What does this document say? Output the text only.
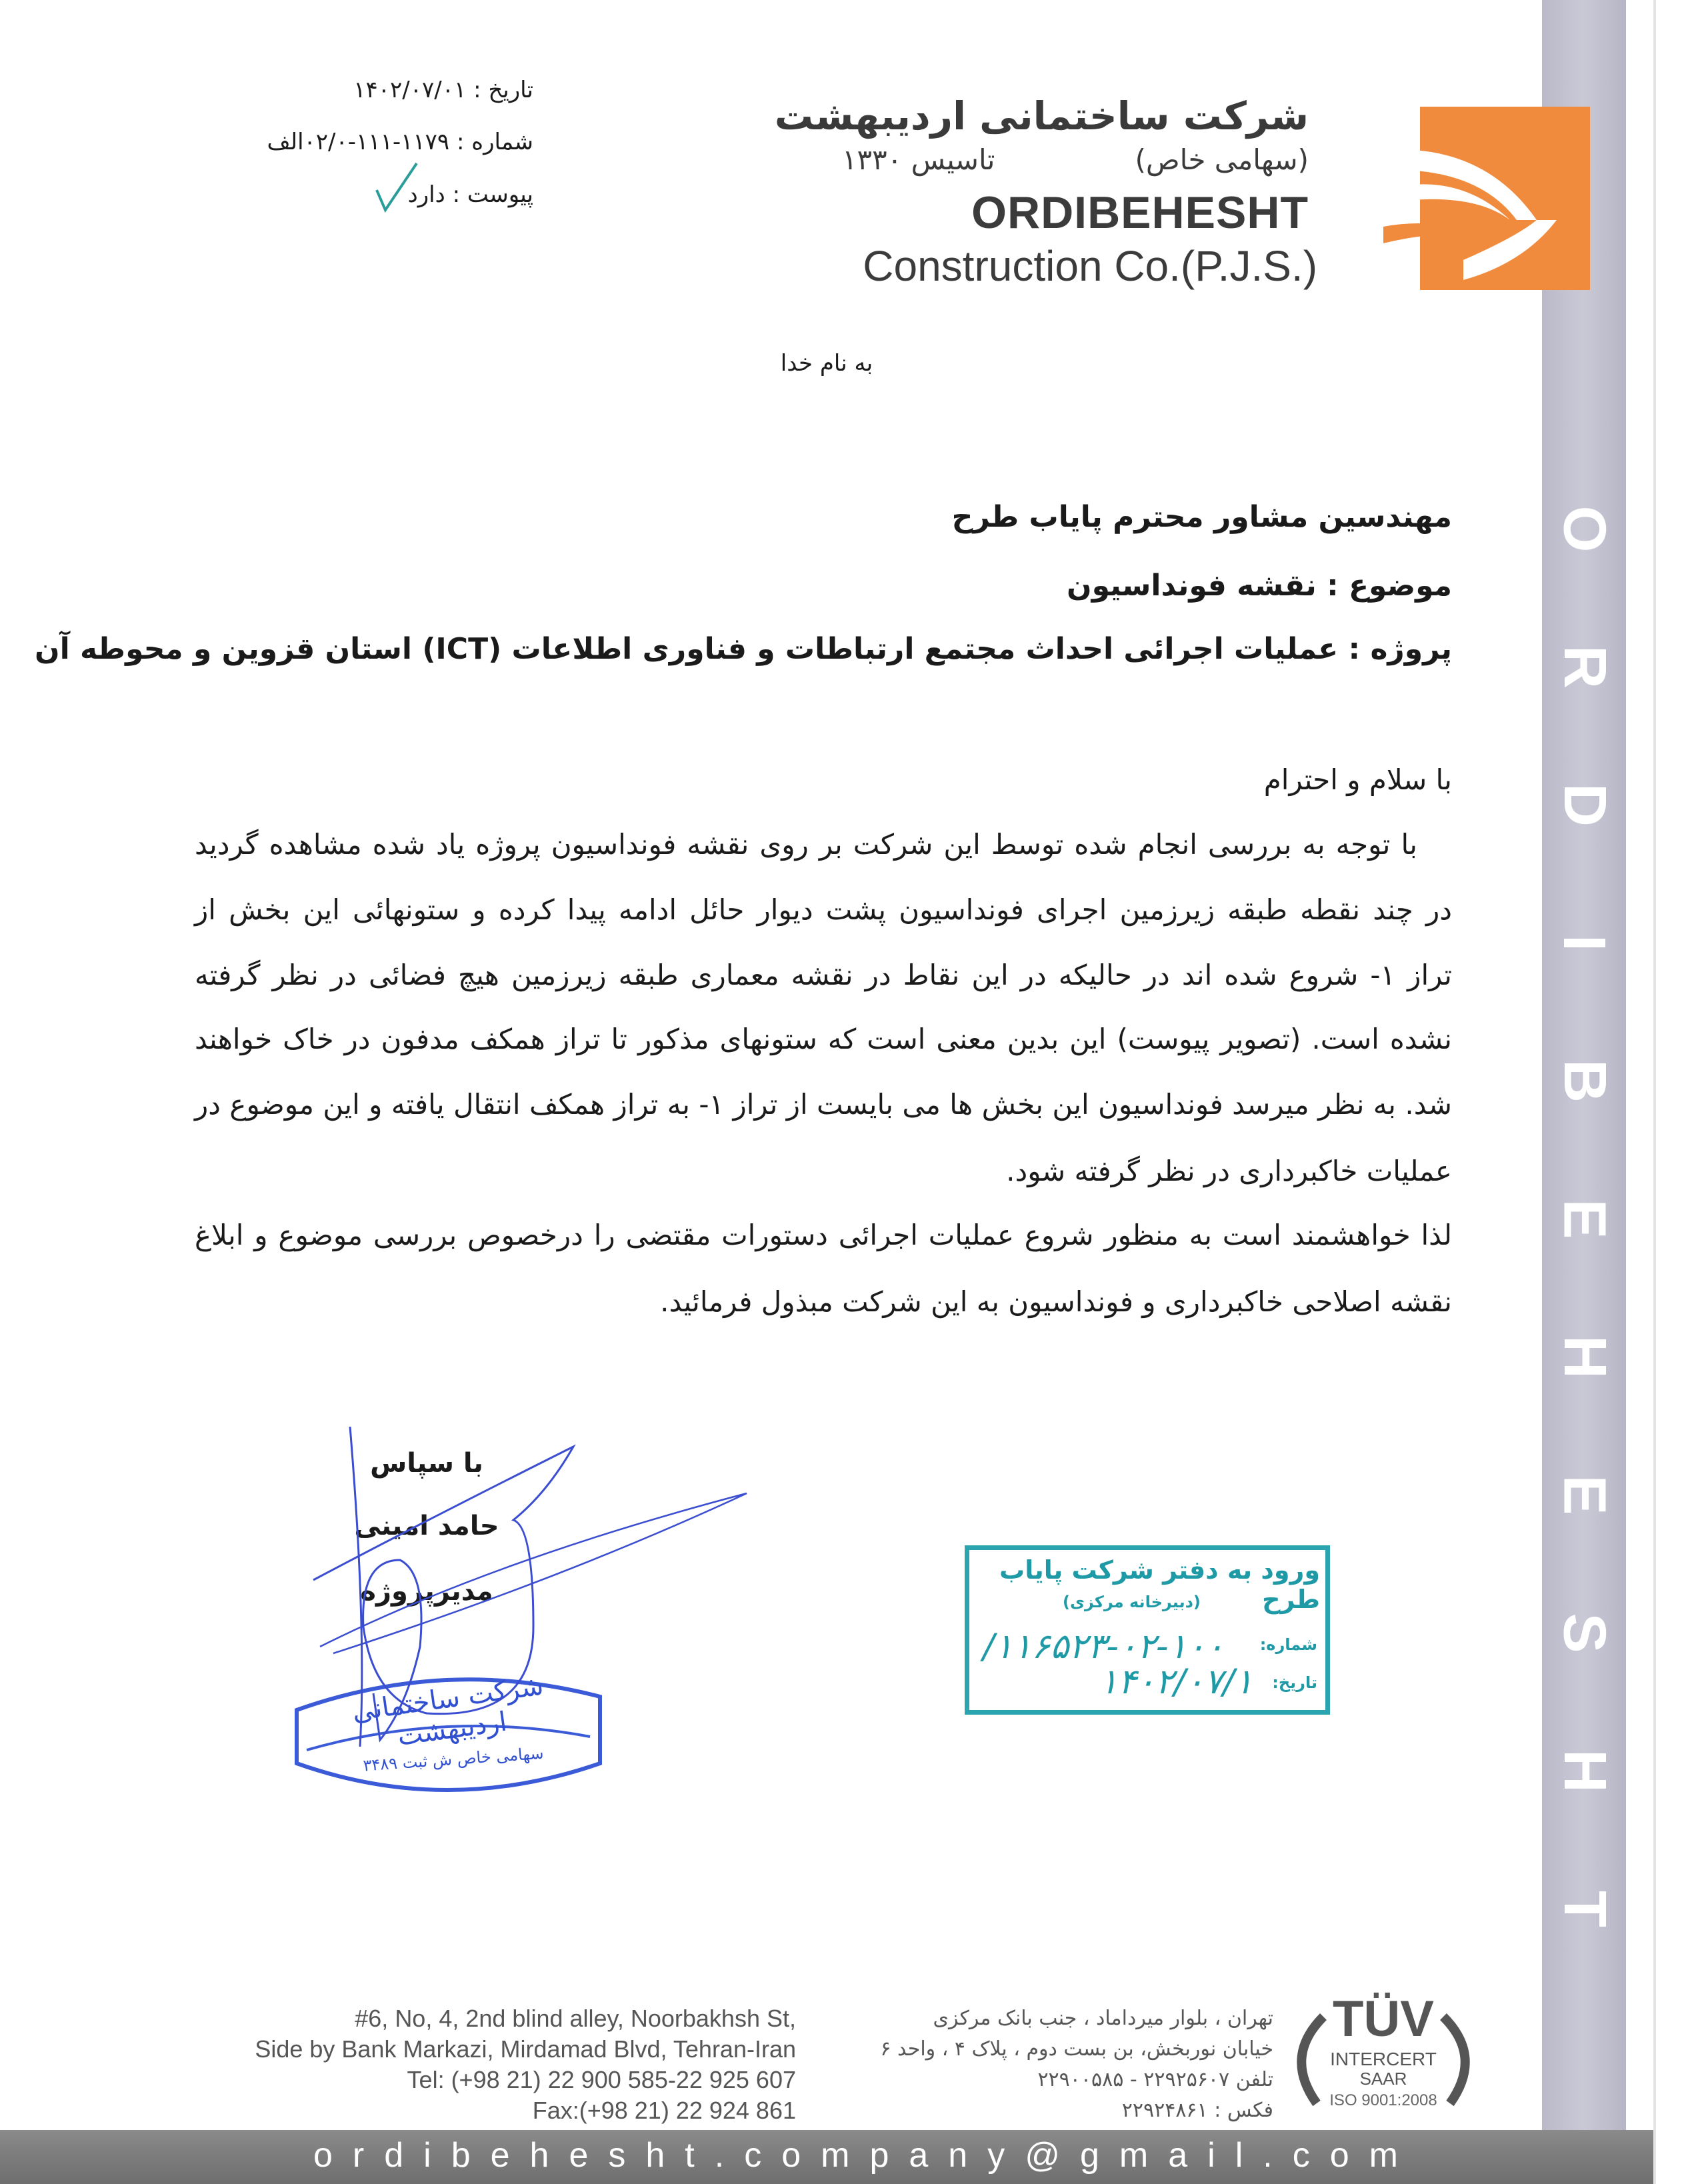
O
R
D
I
B
E
H
E
S
H
T
تاریخ : ۱۴۰۲/۰۷/۰۱
شماره : ۱۱۷۹-۱۱۱-۰۲/۰الف
پیوست : دارد
شرکت ساختمانی اردیبهشت
(سهامی خاص)
تاسیس ۱۳۳۰
ORDIBEHESHT
Construction Co.(P.J.S.)
به نام خدا
مهندسین مشاور محترم پایاب طرح
موضوع : نقشه فونداسیون
پروژه : عملیات اجرائی احداث مجتمع ارتباطات و فناوری اطلاعات (ICT) استان قزوین و محوطه آن
با سلام و احترام
با توجه به بررسی انجام شده توسط این شرکت بر روی نقشه فونداسیون پروژه یاد شده مشاهده گردید
در چند نقطه طبقه زیرزمین اجرای فونداسیون پشت دیوار حائل ادامه پیدا کرده و ستونهائی این بخش از
تراز ۱- شروع شده اند در حالیکه در این نقاط در نقشه معماری طبقه زیرزمین هیچ فضائی در نظر گرفته
نشده است. (تصویر پیوست) این بدین معنی است که ستونهای مذکور تا تراز همکف مدفون در خاک خواهند
شد. به نظر میرسد فونداسیون این بخش ها می بایست از تراز ۱- به تراز همکف انتقال یافته و این موضوع در
عملیات خاکبرداری در نظر گرفته شود.
لذا خواهشمند است به منظور شروع عملیات اجرائی دستورات مقتضی را درخصوص بررسی موضوع و ابلاغ
نقشه اصلاحی خاکبرداری و فونداسیون به این شرکت مبذول فرمائید.
با سپاس
حامد امینی
مدیرپروژه
شرکت ساختمانی اردیبهشت
سهامی خاص ش ثبت ۳۴۸۹
ورود به دفتر شرکت پایاب طرح
(دبیرخانه مرکزی)
شماره:
۱۱۶۵۲۳-۰۲-۱۰۰/
تاریخ:
۱۴۰۲/۰۷/۱
#6, No, 4, 2nd blind alley, Noorbakhsh St,
Side by Bank Markazi, Mirdamad Blvd, Tehran-Iran
Tel: (+98 21) 22 900 585-22 925 607
Fax:(+98 21) 22 924 861
تهران ، بلوار میرداماد ، جنب بانک مرکزی
خیابان نوربخش، بن بست دوم ، پلاک ۴ ، واحد ۶
تلفن ۲۲۹۲۵۶۰۷ - ۲۲۹۰۰۵۸۵
فکس : ۲۲۹۲۴۸۶۱
TÜV
INTERCERT
SAAR
ISO 9001:2008
ordibehesht.company@gmail.com
